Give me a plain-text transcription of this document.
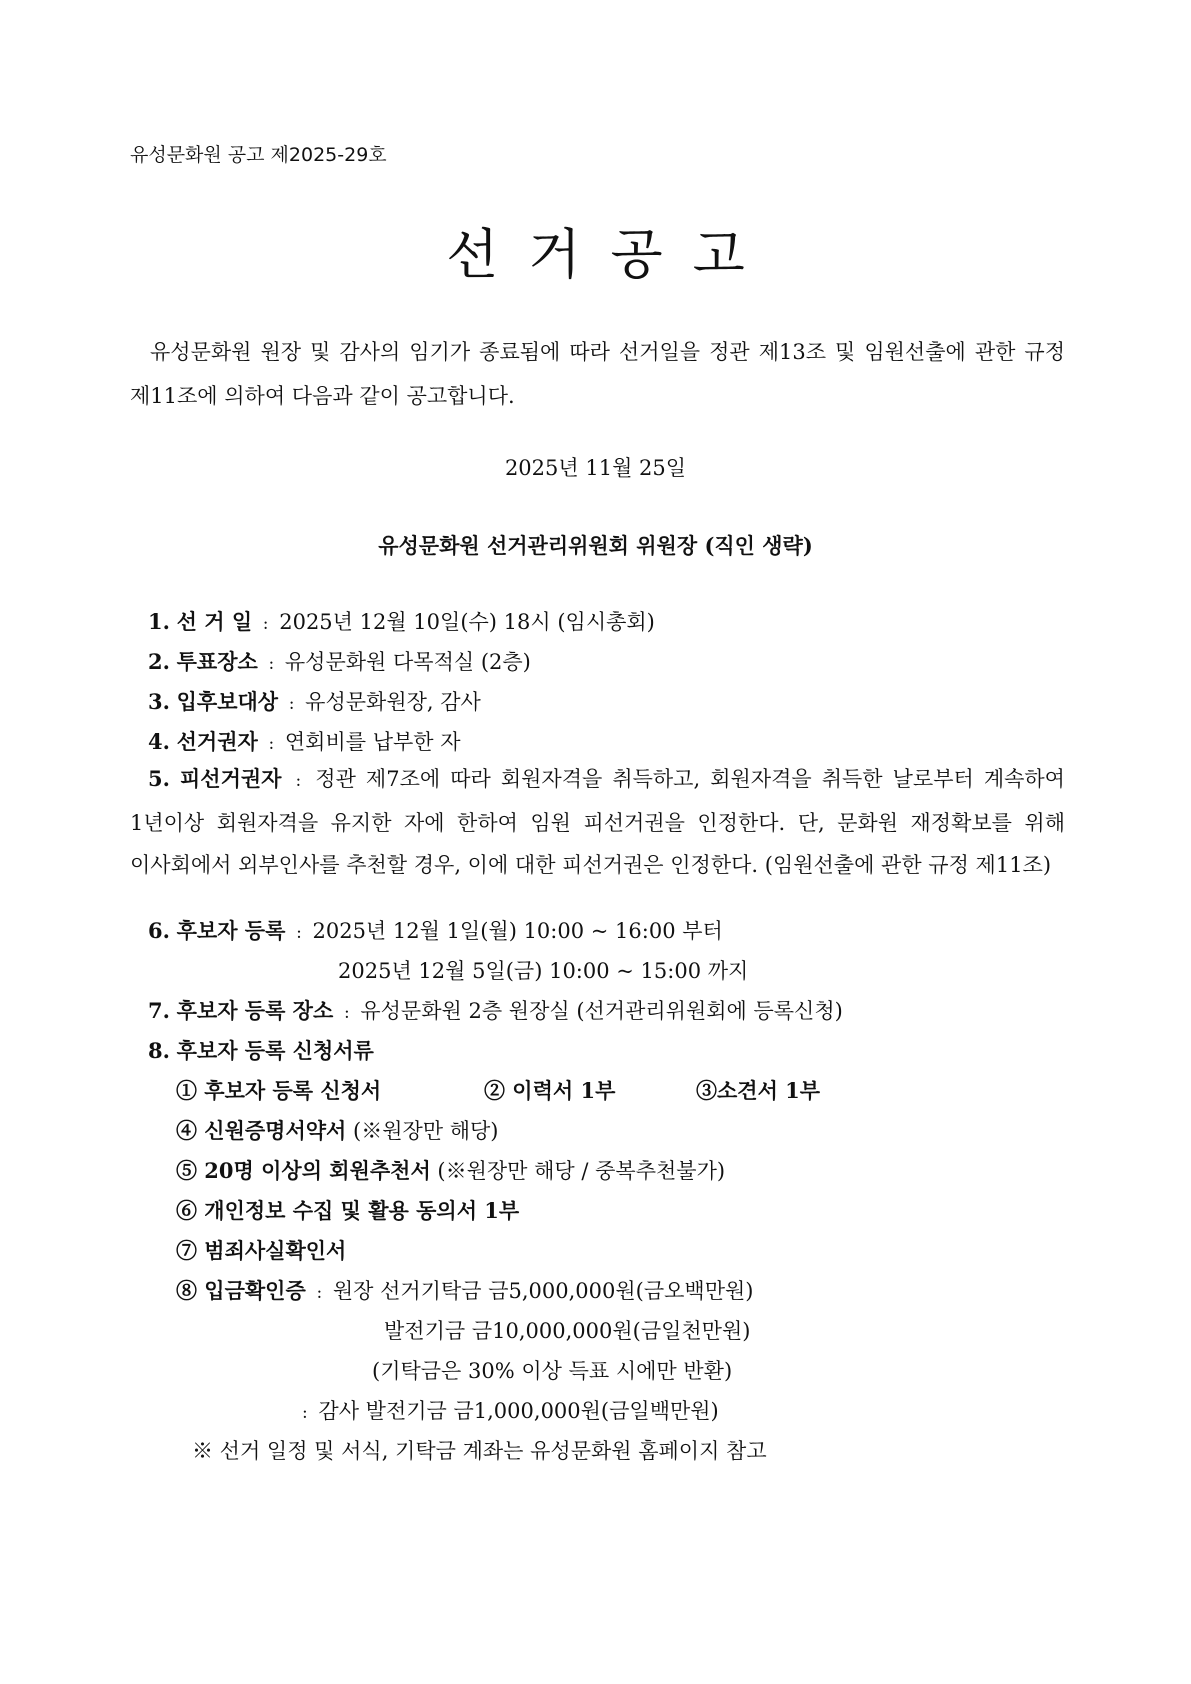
유성문화원 공고 제2025-29호
선거공고
유성문화원 원장 및 감사의 임기가 종료됨에 따라 선거일을 정관 제13조 및 임원선출에 관한 규정 제11조에 의하여 다음과 같이 공고합니다.
2025년 11월 25일
유성문화원 선거관리위원회 위원장 (직인 생략)
1. 선 거 일 : 2025년 12월 10일(수) 18시 (임시총회)
2. 투표장소 : 유성문화원 다목적실 (2층)
3. 입후보대상 : 유성문화원장, 감사
4. 선거권자 : 연회비를 납부한 자
5. 피선거권자 : 정관 제7조에 따라 회원자격을 취득하고, 회원자격을 취득한 날로부터 계속하여 1년이상 회원자격을 유지한 자에 한하여 임원 피선거권을 인정한다. 단, 문화원 재정확보를 위해 이사회에서 외부인사를 추천할 경우, 이에 대한 피선거권은 인정한다. (임원선출에 관한 규정 제11조)
6. 후보자 등록 : 2025년 12월 1일(월) 10:00 ~ 16:00 부터
2025년 12월 5일(금) 10:00 ~ 15:00 까지
7. 후보자 등록 장소 : 유성문화원 2층 원장실 (선거관리위원회에 등록신청)
8. 후보자 등록 신청서류
① 후보자 등록 신청서	② 이력서 1부	③소견서 1부
④ 신원증명서약서 (※원장만 해당)
⑤ 20명 이상의 회원추천서 (※원장만 해당 / 중복추천불가)
⑥ 개인정보 수집 및 활용 동의서 1부
⑦ 범죄사실확인서
⑧ 입금확인증 : 원장 선거기탁금 금5,000,000원(금오백만원)
발전기금 금10,000,000원(금일천만원)
(기탁금은 30% 이상 득표 시에만 반환)
: 감사 발전기금 금1,000,000원(금일백만원)
※ 선거 일정 및 서식, 기탁금 계좌는 유성문화원 홈페이지 참고
